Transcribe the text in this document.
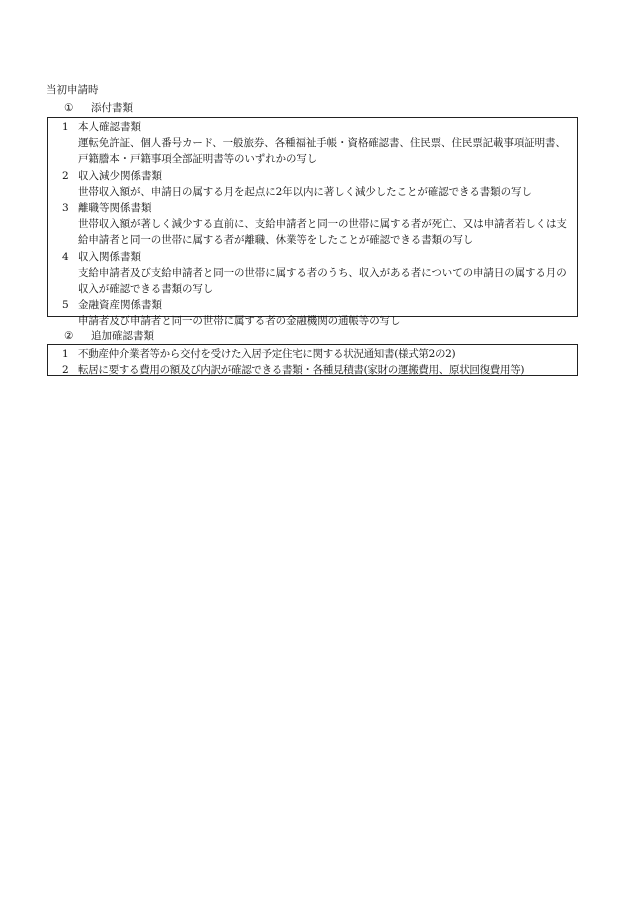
当初申請時
① 添付書類
1 本人確認書類
運転免許証、個人番号カード、一般旅券、各種福祉手帳・資格確認書、住民票、住民票記載事項証明書、戸籍謄本・戸籍事項全部証明書等のいずれかの写し
2 収入減少関係書類
世帯収入額が、申請日の属する月を起点に2年以内に著しく減少したことが確認できる書類の写し
3 離職等関係書類
世帯収入額が著しく減少する直前に、支給申請者と同一の世帯に属する者が死亡、又は申請者若しくは支給申請者と同一の世帯に属する者が離職、休業等をしたことが確認できる書類の写し
4 収入関係書類
支給申請者及び支給申請者と同一の世帯に属する者のうち、収入がある者についての申請日の属する月の収入が確認できる書類の写し
5 金融資産関係書類
申請者及び申請者と同一の世帯に属する者の金融機関の通帳等の写し
② 追加確認書類
1 不動産仲介業者等から交付を受けた入居予定住宅に関する状況通知書(様式第2の2)
2 転居に要する費用の額及び内訳が確認できる書類・各種見積書(家財の運搬費用、原状回復費用等)
